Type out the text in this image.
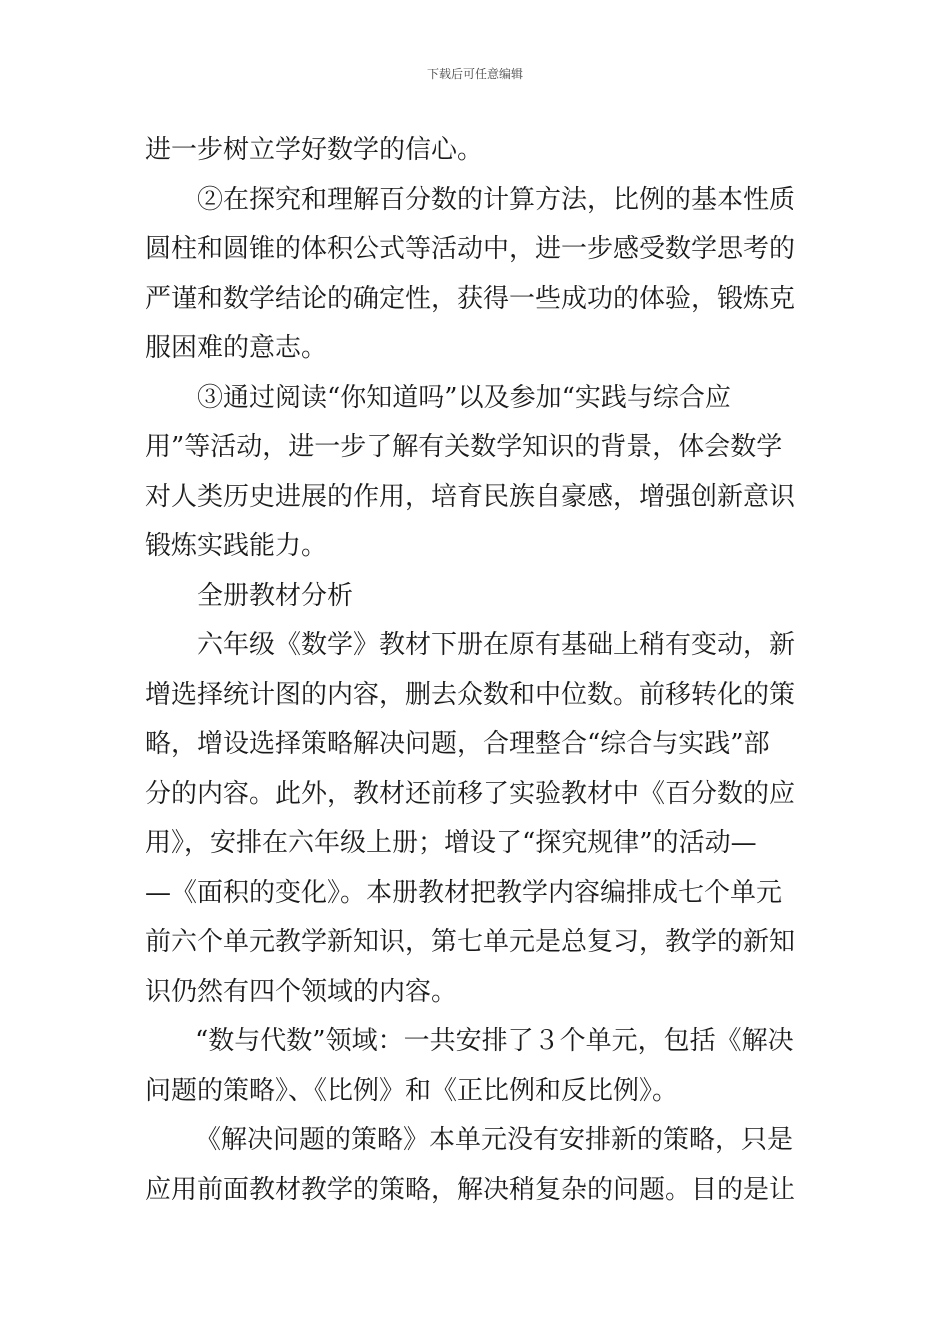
下载后可任意编辑
进一步树立学好数学的信心。
②在探究和理解百分数的计算方法，比例的基本性质
圆柱和圆锥的体积公式等活动中，进一步感受数学思考的
严谨和数学结论的确定性，获得一些成功的体验，锻炼克
服困难的意志。
③通过阅读“你知道吗”以及参加“实践与综合应
用”等活动，进一步了解有关数学知识的背景，体会数学
对人类历史进展的作用，培育民族自豪感，增强创新意识
锻炼实践能力。
全册教材分析
六年级《数学》教材下册在原有基础上稍有变动，新
增选择统计图的内容，删去众数和中位数。前移转化的策
略，增设选择策略解决问题，合理整合“综合与实践”部
分的内容。此外，教材还前移了实验教材中《百分数的应
用》，安排在六年级上册；增设了“探究规律”的活动—
—《面积的变化》。本册教材把教学内容编排成七个单元
前六个单元教学新知识，第七单元是总复习，教学的新知
识仍然有四个领域的内容。
“数与代数”领域：一共安排了３个单元，包括《解决
问题的策略》、《比例》和《正比例和反比例》。
《解决问题的策略》本单元没有安排新的策略，只是
应用前面教材教学的策略，解决稍复杂的问题。目的是让
